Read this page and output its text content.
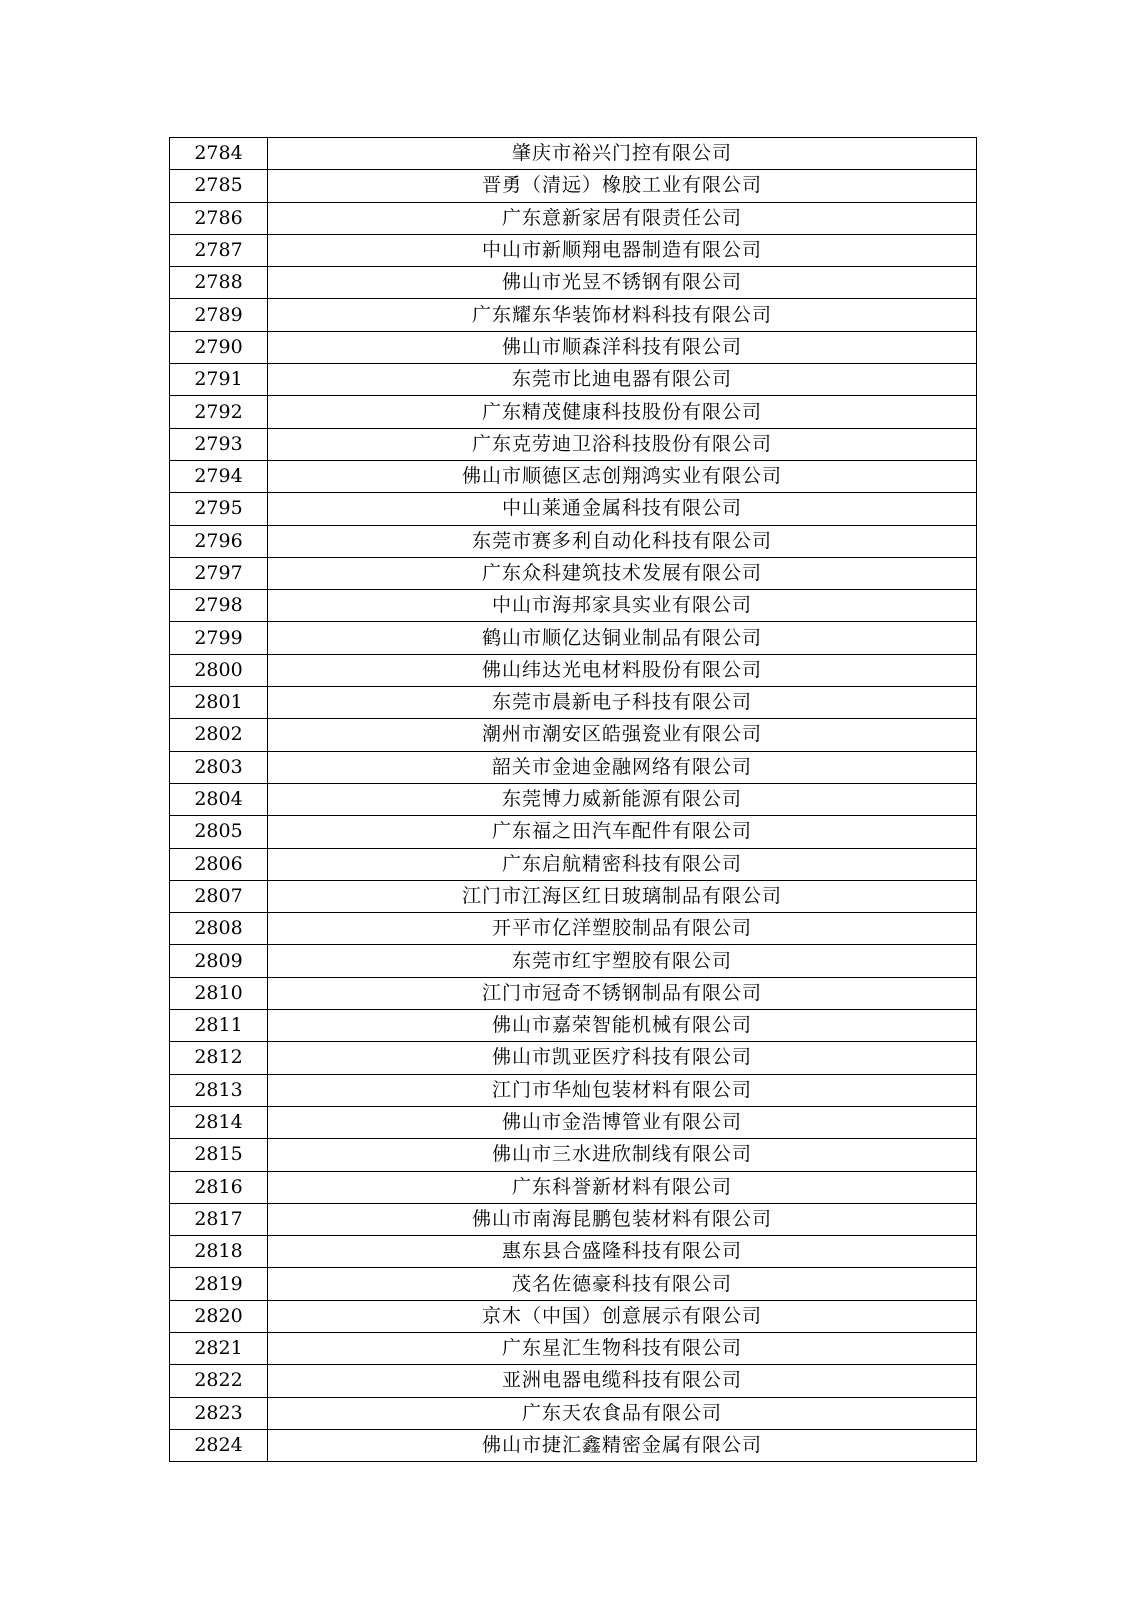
2784	肇庆市裕兴门控有限公司
2785	晋勇（清远）橡胶工业有限公司
2786	广东意新家居有限责任公司
2787	中山市新顺翔电器制造有限公司
2788	佛山市光昱不锈钢有限公司
2789	广东耀东华装饰材料科技有限公司
2790	佛山市顺森洋科技有限公司
2791	东莞市比迪电器有限公司
2792	广东精茂健康科技股份有限公司
2793	广东克劳迪卫浴科技股份有限公司
2794	佛山市顺德区志创翔鸿实业有限公司
2795	中山莱通金属科技有限公司
2796	东莞市赛多利自动化科技有限公司
2797	广东众科建筑技术发展有限公司
2798	中山市海邦家具实业有限公司
2799	鹤山市顺亿达铜业制品有限公司
2800	佛山纬达光电材料股份有限公司
2801	东莞市晨新电子科技有限公司
2802	潮州市潮安区皓强瓷业有限公司
2803	韶关市金迪金融网络有限公司
2804	东莞博力威新能源有限公司
2805	广东福之田汽车配件有限公司
2806	广东启航精密科技有限公司
2807	江门市江海区红日玻璃制品有限公司
2808	开平市亿洋塑胶制品有限公司
2809	东莞市红宇塑胶有限公司
2810	江门市冠奇不锈钢制品有限公司
2811	佛山市嘉荣智能机械有限公司
2812	佛山市凯亚医疗科技有限公司
2813	江门市华灿包装材料有限公司
2814	佛山市金浩博管业有限公司
2815	佛山市三水进欣制线有限公司
2816	广东科誉新材料有限公司
2817	佛山市南海昆鹏包装材料有限公司
2818	惠东县合盛隆科技有限公司
2819	茂名佐德豪科技有限公司
2820	京木（中国）创意展示有限公司
2821	广东星汇生物科技有限公司
2822	亚洲电器电缆科技有限公司
2823	广东天农食品有限公司
2824	佛山市捷汇鑫精密金属有限公司
